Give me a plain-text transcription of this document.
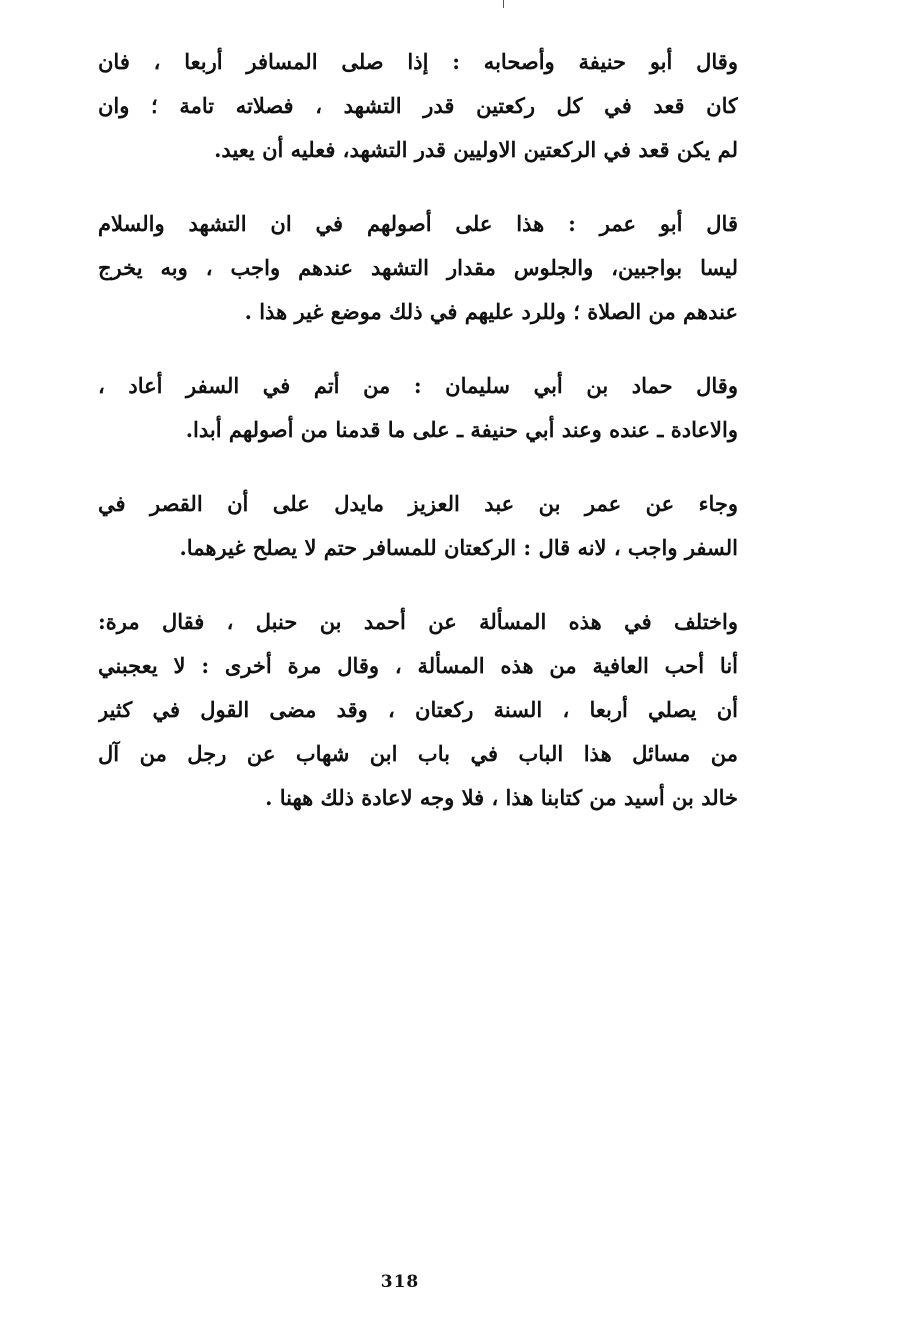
وقال أبو حنيفة وأصحابه : إذا صلى المسافر أربعا ، فان
كان قعد في كل ركعتين قدر التشهد ، فصلاته تامة ؛ وان
لم يكن قعد في الركعتين الاوليين قدر التشهد، فعليه أن يعيد.
قال أبو عمر : هذا على أصولهم في ان التشهد والسلام
ليسا بواجبين، والجلوس مقدار التشهد عندهم واجب ، وبه يخرج
عندهم من الصلاة ؛ وللرد عليهم في ذلك موضع غير هذا .
وقال حماد بن أبي سليمان : من أتم في السفر أعاد ،
والاعادة ـ عنده وعند أبي حنيفة ـ على ما قدمنا من أصولهم أبدا.
وجاء عن عمر بن عبد العزيز مايدل على أن القصر في
السفر واجب ، لانه قال : الركعتان للمسافر حتم لا يصلح غيرهما.
واختلف في هذه المسألة عن أحمد بن حنبل ، فقال مرة:
أنا أحب العافية من هذه المسألة ، وقال مرة أخرى : لا يعجبني
أن يصلي أربعا ، السنة ركعتان ، وقد مضى القول في كثير
من مسائل هذا الباب في باب ابن شهاب عن رجل من آل
خالد بن أسيد من كتابنا هذا ، فلا وجه لاعادة ذلك ههنا .
318
